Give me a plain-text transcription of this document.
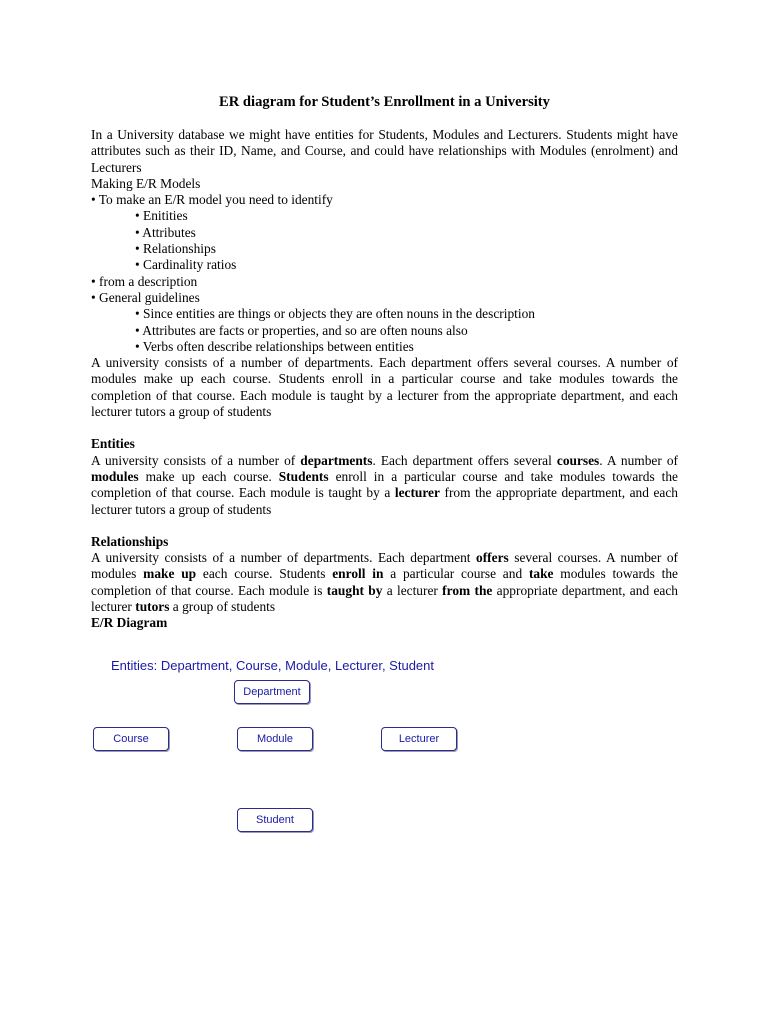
ER diagram for Student’s Enrollment in a University

In a University database we might have entities for Students, Modules and Lecturers. Students might have attributes such as their ID, Name, and Course, and could have relationships with Modules (enrolment) and Lecturers

Making E/R Models

• To make an E/R model you need to identify
• Enitities
• Attributes
• Relationships
• Cardinality ratios
• from a description
• General guidelines
• Since entities are things or objects they are often nouns in the description
• Attributes are facts or properties, and so are often nouns also
• Verbs often describe relationships between entities

A university consists of a number of departments. Each department offers several courses. A number of modules make up each course. Students enroll in a particular course and take modules towards the completion of that course. Each module is taught by a lecturer from the appropriate department, and each lecturer tutors a group of students

Entities

A university consists of a number of departments. Each department offers several courses. A number of modules make up each course. Students enroll in a particular course and take modules towards the completion of that course. Each module is taught by a lecturer from the appropriate department, and each lecturer tutors a group of students

Relationships

A university consists of a number of departments. Each department offers several courses. A number of modules make up each course. Students enroll in a particular course and take modules towards the completion of that course. Each module is taught by a lecturer from the appropriate department, and each lecturer tutors a group of students

E/R Diagram

Entities: Department, Course, Module, Lecturer, Student
Department
Course	Module	Lecturer
Student
